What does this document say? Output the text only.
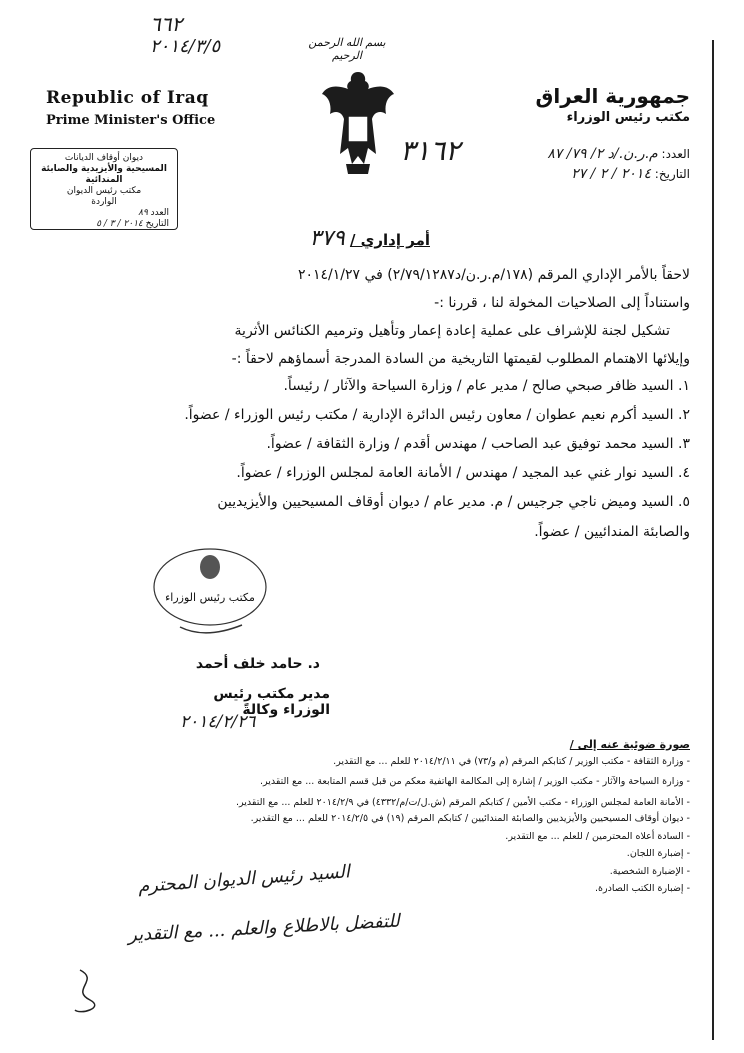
٦٦٢
٢٠١٤/٣/٥	بسم الله الرحمن الرحيم
Republic of Iraq
Prime Minister's Office
جمهورية العراق
مكتب رئيس الوزراء
العدد: م.ر.ن./د ٢/ ٧٩/ ٨٧
التاريخ: ٢٠١٤ / ٢ / ٢٧
٣١٦٢
ديوان أوقاف الديانات
المسيحية والأيزيدية والصابئة المندائية
مكتب رئيس الديوان
الواردة
العدد ٨٩
التاريخ ٢٠١٤ / ٣ / ٥
أمر إداري / ٣٧٩
لاحقاً بالأمر الإداري المرقم (١٧٨/م.ر.ن/د٢/٧٩/١٢٨٧) في ٢٠١٤/١/٢٧
واستناداً إلى الصلاحيات المخولة لنا ، قررنا :-
تشكيل لجنة للإشراف على عملية إعادة إعمار وتأهيل وترميم الكنائس الأثرية
وإيلائها الاهتمام المطلوب لقيمتها التاريخية من السادة المدرجة أسماؤهم لاحقاً :-
١. السيد ظافر صبحي صالح / مدير عام / وزارة السياحة والآثار / رئيساً.
٢. السيد أكرم نعيم عطوان / معاون رئيس الدائرة الإدارية / مكتب رئيس الوزراء / عضواً.
٣. السيد محمد توفيق عبد الصاحب / مهندس أقدم / وزارة الثقافة / عضواً.
٤. السيد نوار غني عبد المجيد / مهندس / الأمانة العامة لمجلس الوزراء / عضواً.
٥. السيد وميض ناجي جرجيس / م. مدير عام / ديوان أوقاف المسيحيين والأيزيديين
والصابئة المندائيين / عضواً.
مكتب رئيس الوزراء
د. حامد خلف أحمد
مدير مكتب رئيس الوزراء وكالةً
٢٠١٤/٢/٢٦
صورة ضوئية عنه إلى /
- وزارة الثقافة - مكتب الوزير / كتابكم المرقم (م و/٧٣) في ٢٠١٤/٢/١١ للعلم ... مع التقدير.
- وزارة السياحة والآثار - مكتب الوزير / إشارة إلى المكالمة الهاتفية معكم من قبل قسم المتابعة ... مع التقدير.
- الأمانة العامة لمجلس الوزراء - مكتب الأمين / كتابكم المرقم (ش.ل/ت/م/٤٣٣٢) في ٢٠١٤/٢/٩ للعلم ... مع التقدير.
- ديوان أوقاف المسيحيين والأيزيديين والصابئة المندائيين / كتابكم المرقم (١٩) في ٢٠١٤/٢/٥ للعلم ... مع التقدير.
- السادة أعلاه المحترمين / للعلم ... مع التقدير.
- إضبارة اللجان.
- الإضبارة الشخصية.
- إضبارة الكتب الصادرة.
السيد رئيس الديوان المحترم
للتفضل بالاطلاع والعلم ... مع التقدير
